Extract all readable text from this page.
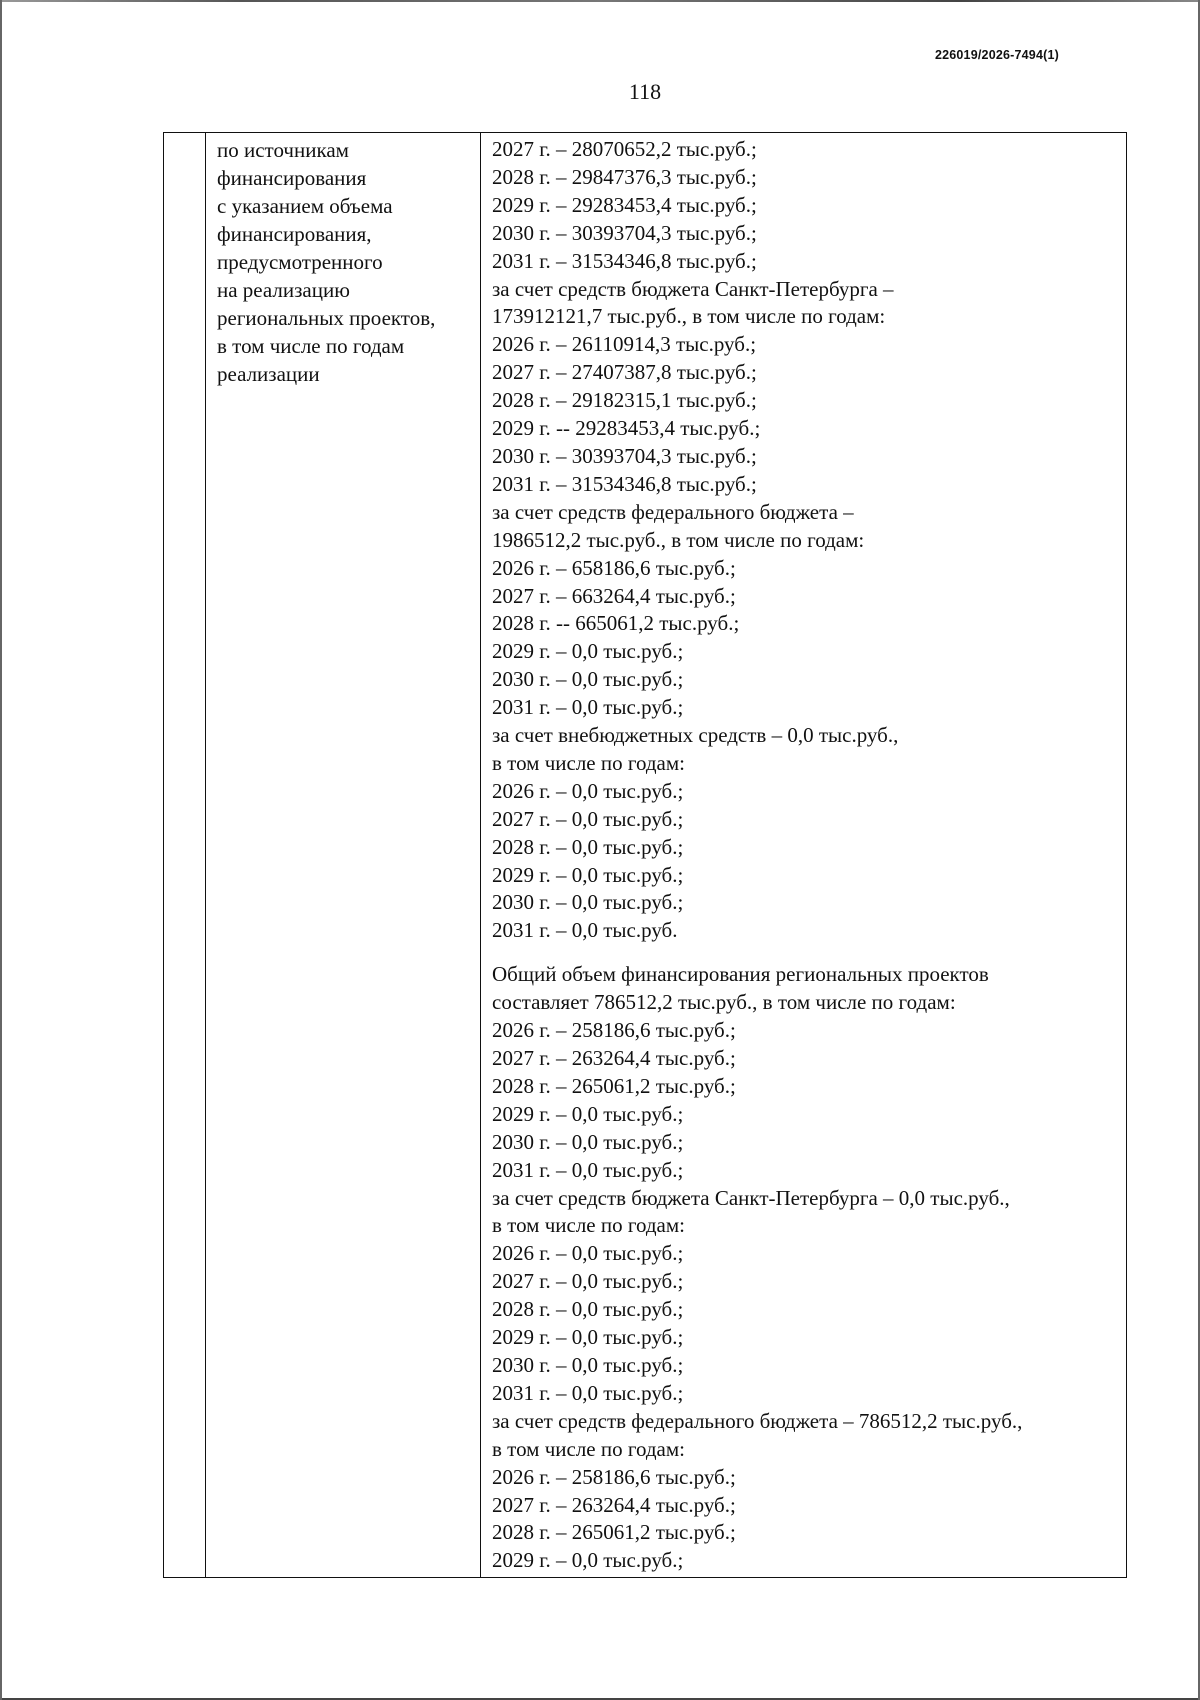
226019/2026-7494(1)
118
по источникам
финансирования
с указанием объема
финансирования,
предусмотренного
на реализацию
региональных проектов,
в том числе по годам
реализации
2027 г. – 28070652,2 тыс.руб.;
2028 г. – 29847376,3 тыс.руб.;
2029 г. – 29283453,4 тыс.руб.;
2030 г. – 30393704,3 тыс.руб.;
2031 г. – 31534346,8 тыс.руб.;
за счет средств бюджета Санкт-Петербурга –
173912121,7 тыс.руб., в том числе по годам:
2026 г. – 26110914,3 тыс.руб.;
2027 г. – 27407387,8 тыс.руб.;
2028 г. – 29182315,1 тыс.руб.;
2029 г. -- 29283453,4 тыс.руб.;
2030 г. – 30393704,3 тыс.руб.;
2031 г. – 31534346,8 тыс.руб.;
за счет средств федерального бюджета –
1986512,2 тыс.руб., в том числе по годам:
2026 г. – 658186,6 тыс.руб.;
2027 г. – 663264,4 тыс.руб.;
2028 г. -- 665061,2 тыс.руб.;
2029 г. – 0,0 тыс.руб.;
2030 г. – 0,0 тыс.руб.;
2031 г. – 0,0 тыс.руб.;
за счет внебюджетных средств – 0,0 тыс.руб.,
в том числе по годам:
2026 г. – 0,0 тыс.руб.;
2027 г. – 0,0 тыс.руб.;
2028 г. – 0,0 тыс.руб.;
2029 г. – 0,0 тыс.руб.;
2030 г. – 0,0 тыс.руб.;
2031 г. – 0,0 тыс.руб.
Общий объем финансирования региональных проектов
составляет 786512,2 тыс.руб., в том числе по годам:
2026 г. – 258186,6 тыс.руб.;
2027 г. – 263264,4 тыс.руб.;
2028 г. – 265061,2 тыс.руб.;
2029 г. – 0,0 тыс.руб.;
2030 г. – 0,0 тыс.руб.;
2031 г. – 0,0 тыс.руб.;
за счет средств бюджета Санкт-Петербурга – 0,0 тыс.руб.,
в том числе по годам:
2026 г. – 0,0 тыс.руб.;
2027 г. – 0,0 тыс.руб.;
2028 г. – 0,0 тыс.руб.;
2029 г. – 0,0 тыс.руб.;
2030 г. – 0,0 тыс.руб.;
2031 г. – 0,0 тыс.руб.;
за счет средств федерального бюджета – 786512,2 тыс.руб.,
в том числе по годам:
2026 г. – 258186,6 тыс.руб.;
2027 г. – 263264,4 тыс.руб.;
2028 г. – 265061,2 тыс.руб.;
2029 г. – 0,0 тыс.руб.;
